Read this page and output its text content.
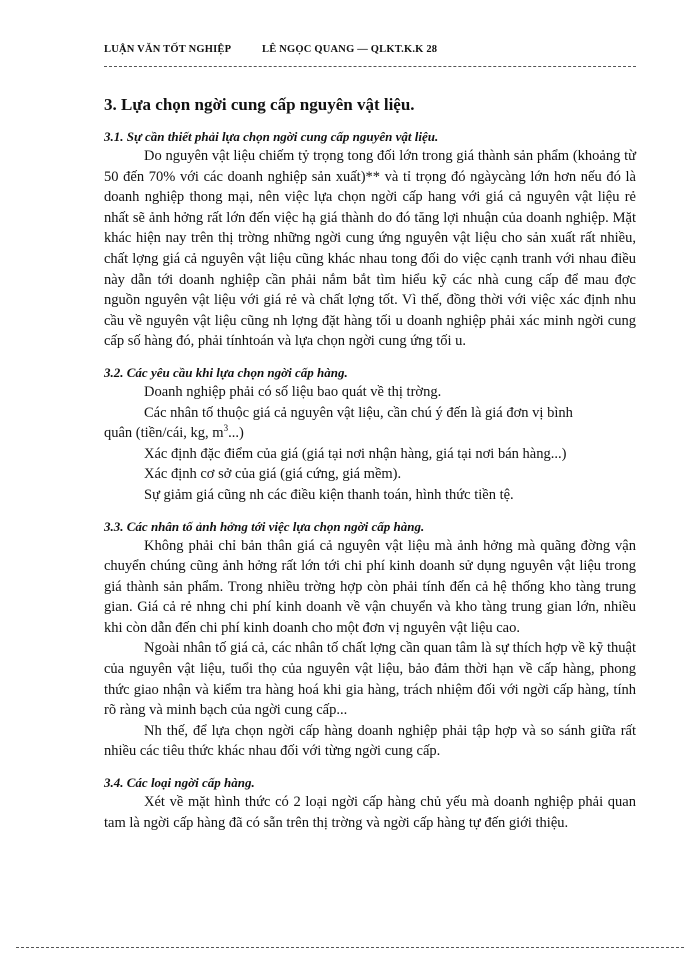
LUẬN VĂN TỐT NGHIỆP	LÊ NGỌC QUANG — QLKT.K.K 28
3. Lựa chọn ngời cung cấp nguyên vật liệu.

3.1. Sự cần thiết phải lựa chọn ngời cung cấp nguyên vật liệu.

Do nguyên vật liệu chiếm tỷ trọng tong đối lớn trong giá thành sản phẩm (khoảng từ 50 đến 70% với các doanh nghiệp sản xuất)** và tỉ trọng đó ngàycàng lớn hơn nếu đó là doanh nghiệp thong mại, nên việc lựa chọn ngời cấp hang với giá cả nguyên vật liệu rẻ nhất sẽ ảnh hởng rất lớn đến việc hạ giá thành do đó tăng lợi nhuận của doanh nghiệp. Mặt khác hiện nay trên thị trờng những ngời cung ứng nguyên vật liệu cho sản xuất rất nhiều, chất lợng giá cả nguyên vật liệu cũng khác nhau tong đối do việc cạnh tranh với nhau điều này dẫn tới doanh nghiệp cần phải nắm bắt tìm hiểu kỹ các nhà cung cấp để mau đợc nguồn nguyên vật liệu với giá rẻ và chất lợng tốt. Vì thế, đồng thời với việc xác định nhu cầu về nguyên vật liệu cũng nh lợng đặt hàng tối u doanh nghiệp phải xác minh ngời cung cấp số hàng đó, phải tínhtoán và lựa chọn ngời cung ứng tối u.

3.2. Các yêu cầu khi lựa chọn ngời cấp hàng.

Doanh nghiệp phải có số liệu bao quát về thị trờng.

Các nhân tố thuộc giá cả nguyên vật liệu, cần chú ý đến là giá đơn vị bình

quân (tiền/cái, kg, $m^3$...)

Xác định đặc điểm của giá (giá tại nơi nhận hàng, giá tại nơi bán hàng...)

Xác định cơ sở của giá (giá cứng, giá mềm).

Sự giảm giá cũng nh các điều kiện thanh toán, hình thức tiền tệ.

3.3. Các nhân tố ảnh hởng tới việc lựa chọn ngời cấp hàng.

Không phải chỉ bản thân giá cả nguyên vật liệu mà ảnh hởng mà quãng đờng vận chuyển chúng cũng ảnh hởng rất lớn tới chi phí kinh doanh sử dụng nguyên vật liệu trong giá thành sản phẩm. Trong nhiều trờng hợp còn phải tính đến cả hệ thống kho tàng trung gian. Giá cả rẻ nhng chi phí kinh doanh về vận chuyển và kho tàng trung gian lớn, nhiều khi còn dẫn đến chi phí kinh doanh cho một đơn vị nguyên vật liệu cao.

Ngoài nhân tố giá cả, các nhân tố chất lợng cần quan tâm là sự thích hợp về kỹ thuật của nguyên vật liệu, tuổi thọ của nguyên vật liệu, bảo đảm thời hạn về cấp hàng, phong thức giao nhận và kiểm tra hàng hoá khi gia hàng, trách nhiệm đối với ngời cấp hàng, tính rõ ràng và minh bạch của ngời cung cấp...

Nh thế, để lựa chọn ngời cấp hàng doanh nghiệp phải tập hợp và so sánh giữa rất nhiều các tiêu thức khác nhau đối với từng ngời cung cấp.

3.4. Các loại ngời cấp hàng.

Xét về mặt hình thức có 2 loại ngời cấp hàng chủ yếu mà doanh nghiệp phải quan tam là ngời cấp hàng đã có sẵn trên thị trờng và ngời cấp hàng tự đến giới thiệu.
